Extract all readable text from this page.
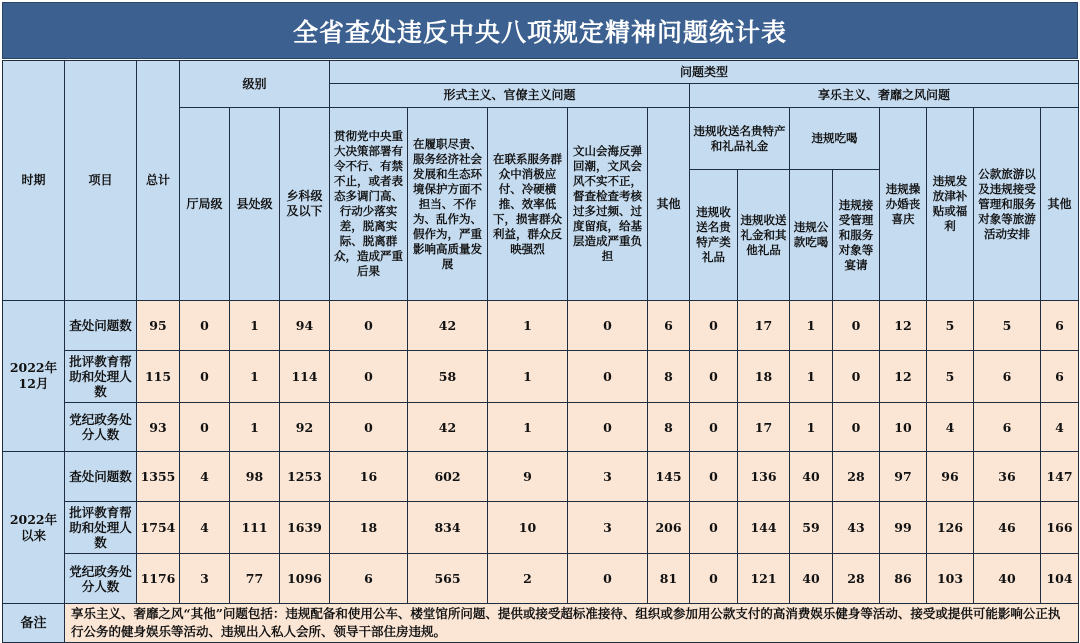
全省查处违反中央八项规定精神问题统计表
时期	项目	总计	级别			问题类型												
						形式主义、官僚主义问题					享乐主义、奢靡之风问题							
			厅局级	县处级	乡科级及以下	贯彻党中央重大决策部署有令不行、有禁不止，或者表态多调门高、行动少落实差，脱离实际、脱离群众，造成严重后果	在履职尽责、服务经济社会发展和生态环境保护方面不担当、不作为、乱作为、假作为，严重影响高质量发展	在联系服务群众中消极应付、冷硬横推、效率低下，损害群众利益，群众反映强烈	文山会海反弹回潮，文风会风不实不正，督查检查考核过多过频、过度留痕，给基层造成严重负担	其他	违规收送名贵特产和礼品礼金		违规吃喝		违规操办婚丧喜庆	违规发放津补贴或福利	公款旅游以及违规接受管理和服务对象等旅游活动安排	其他
											违规收送名贵特产类礼品	违规收送礼金和其他礼品	违规公款吃喝	违规接受管理和服务对象等宴请				
2022年12月	查处问题数	95	0	1	94	0	42	1	0	6	0	17	1	0	12	5	5	6
	批评教育帮助和处理人数	115	0	1	114	0	58	1	0	8	0	18	1	0	12	5	6	6
	党纪政务处分人数	93	0	1	92	0	42	1	0	8	0	17	1	0	10	4	6	4
2022年以来	查处问题数	1355	4	98	1253	16	602	9	3	145	0	136	40	28	97	96	36	147
	批评教育帮助和处理人数	1754	4	111	1639	18	834	10	3	206	0	144	59	43	99	126	46	166
	党纪政务处分人数	1176	3	77	1096	6	565	2	0	81	0	121	40	28	86	103	40	104
备注	享乐主义、奢靡之风“其他”问题包括：违规配备和使用公车、楼堂馆所问题、提供或接受超标准接待、组织或参加用公款支付的高消费娱乐健身等活动、接受或提供可能影响公正执行公务的健身娱乐等活动、违规出入私人会所、领导干部住房违规。																	
